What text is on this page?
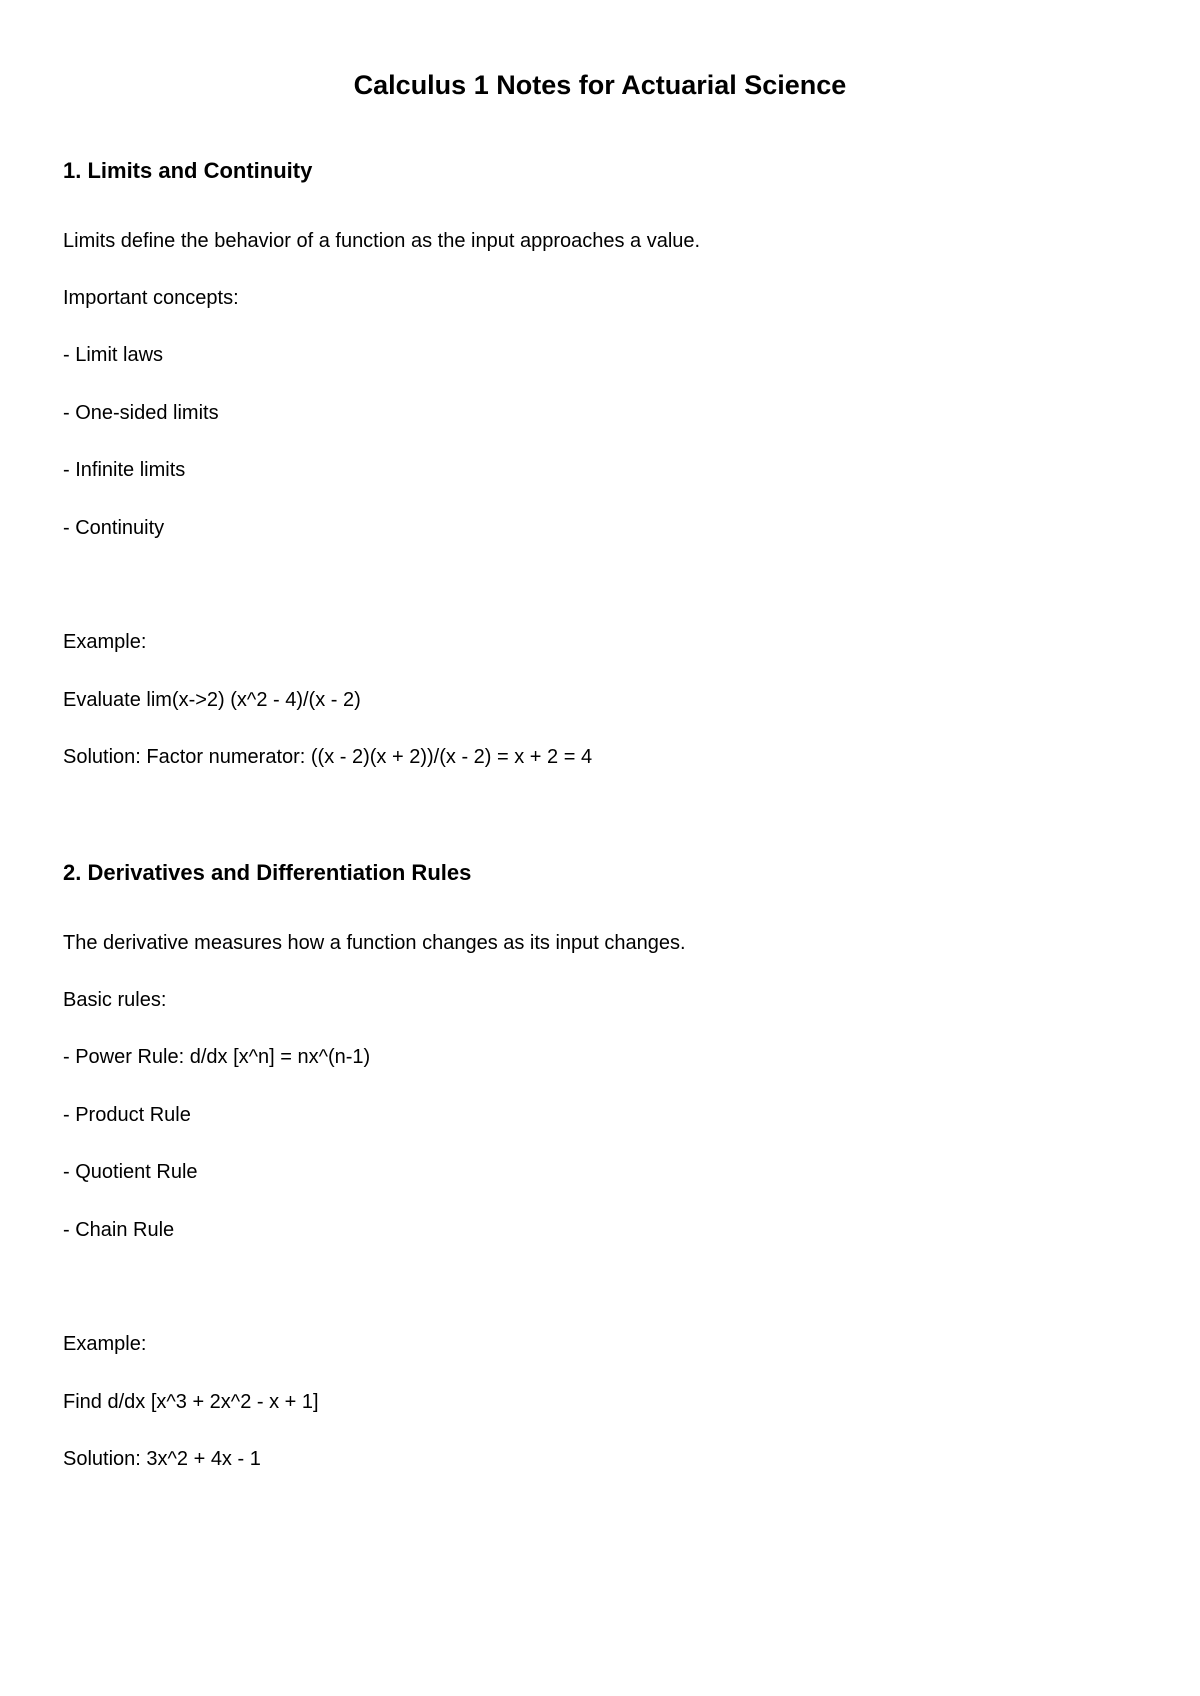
Calculus 1 Notes for Actuarial Science
1. Limits and Continuity

Limits define the behavior of a function as the input approaches a value.

Important concepts:

- Limit laws

- One-sided limits

- Infinite limits

- Continuity

Example:

Evaluate lim(x->2) (x^2 - 4)/(x - 2)

Solution: Factor numerator: ((x - 2)(x + 2))/(x - 2) = x + 2 = 4

2. Derivatives and Differentiation Rules

The derivative measures how a function changes as its input changes.

Basic rules:

- Power Rule: d/dx [x^n] = nx^(n-1)

- Product Rule

- Quotient Rule

- Chain Rule

Example:

Find d/dx [x^3 + 2x^2 - x + 1]

Solution: 3x^2 + 4x - 1
